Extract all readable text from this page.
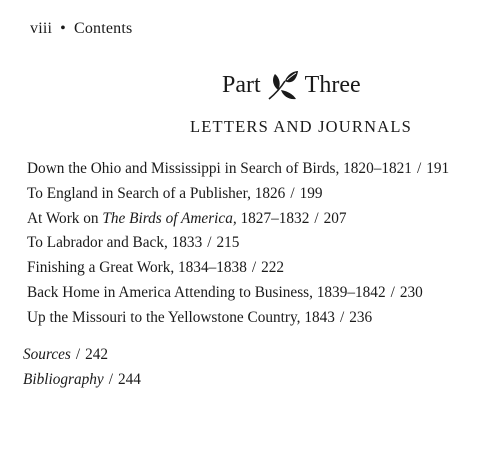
viii • Contents
Part Three
LETTERS AND JOURNALS
Down the Ohio and Mississippi in Search of Birds, 1820–1821 / 191
To England in Search of a Publisher, 1826 / 199
At Work on The Birds of America, 1827–1832 / 207
To Labrador and Back, 1833 / 215
Finishing a Great Work, 1834–1838 / 222
Back Home in America Attending to Business, 1839–1842 / 230
Up the Missouri to the Yellowstone Country, 1843 / 236
Sources / 242
Bibliography / 244
